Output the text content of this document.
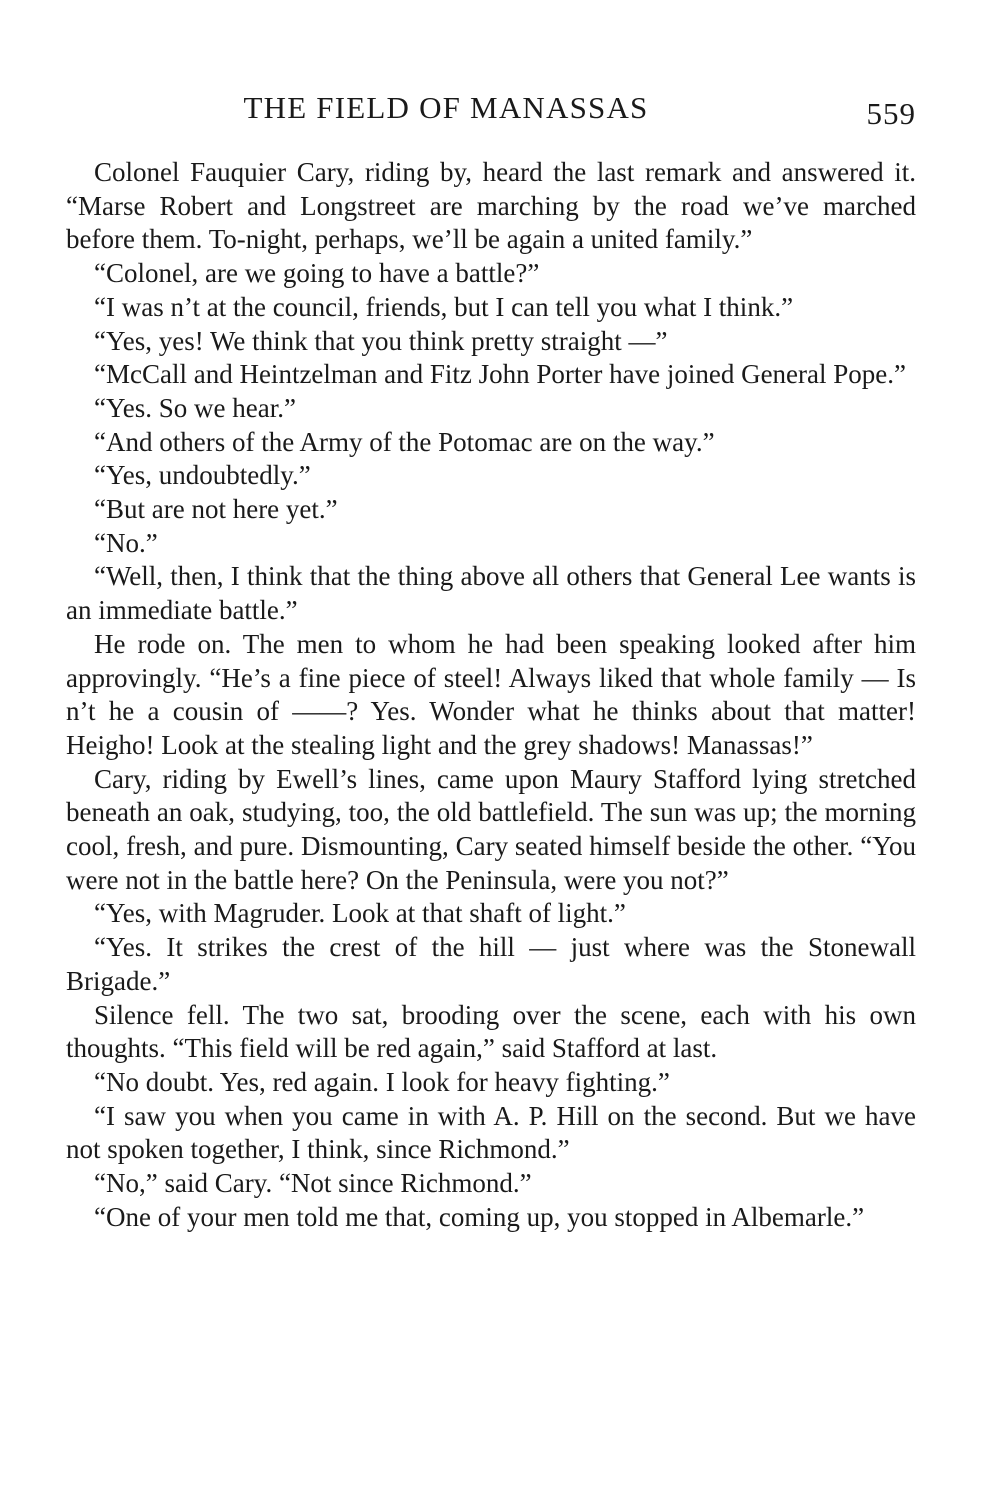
THE FIELD OF MANASSAS	559

Colonel Fauquier Cary, riding by, heard the last remark and answered it. “Marse Robert and Longstreet are marching by the road we’ve marched before them. To-night, perhaps, we’ll be again a united family.”

“Colonel, are we going to have a battle?”

“I was n’t at the council, friends, but I can tell you what I think.”

“Yes, yes! We think that you think pretty straight —”

“McCall and Heintzelman and Fitz John Porter have joined General Pope.”

“Yes. So we hear.”

“And others of the Army of the Potomac are on the way.”

“Yes, undoubtedly.”

“But are not here yet.”

“No.”

“Well, then, I think that the thing above all others that General Lee wants is an immediate battle.”

He rode on. The men to whom he had been speaking looked after him approvingly. “He’s a fine piece of steel! Always liked that whole family — Is n’t he a cousin of ——? Yes. Wonder what he thinks about that matter! Heigho! Look at the stealing light and the grey shadows! Manassas!”

Cary, riding by Ewell’s lines, came upon Maury Stafford lying stretched beneath an oak, studying, too, the old battlefield. The sun was up; the morning cool, fresh, and pure. Dismounting, Cary seated himself beside the other. “You were not in the battle here? On the Peninsula, were you not?”

“Yes, with Magruder. Look at that shaft of light.”

“Yes. It strikes the crest of the hill — just where was the Stonewall Brigade.”

Silence fell. The two sat, brooding over the scene, each with his own thoughts. “This field will be red again,” said Stafford at last.

“No doubt. Yes, red again. I look for heavy fighting.”

“I saw you when you came in with A. P. Hill on the second. But we have not spoken together, I think, since Richmond.”

“No,” said Cary. “Not since Richmond.”

“One of your men told me that, coming up, you stopped in Albemarle.”
